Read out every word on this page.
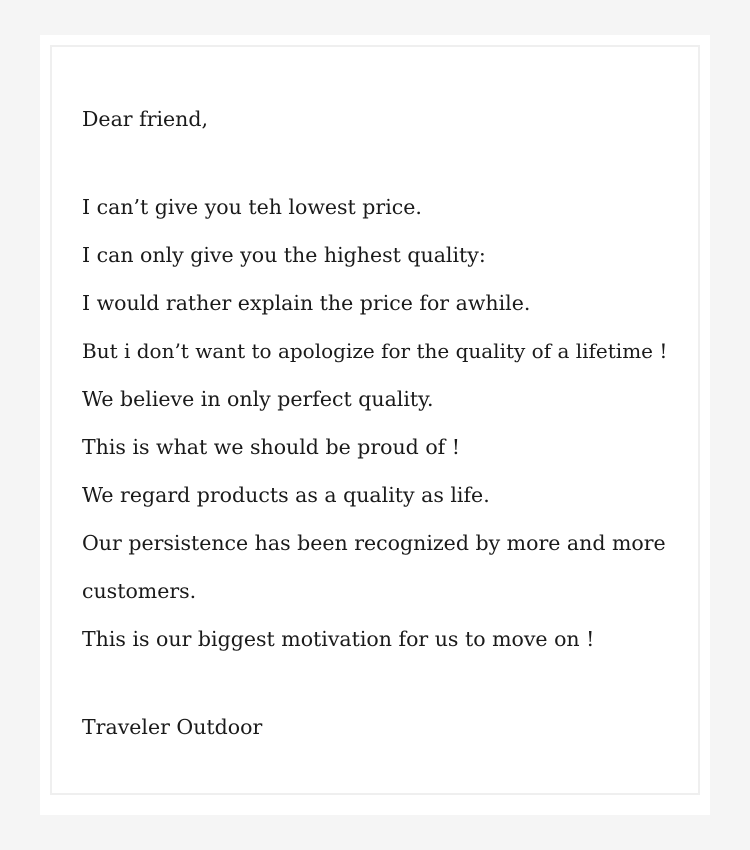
Dear friend,
I can’t give you teh lowest price.
I can only give you the highest quality:
I would rather explain the price for awhile.
But i don’t want to apologize for the quality of a lifetime !
We believe in only perfect quality.
This is what we should be proud of !
We regard products as a quality as life.
Our persistence has been recognized by more and more customers.
This is our biggest motivation for us to move on !
Traveler Outdoor
